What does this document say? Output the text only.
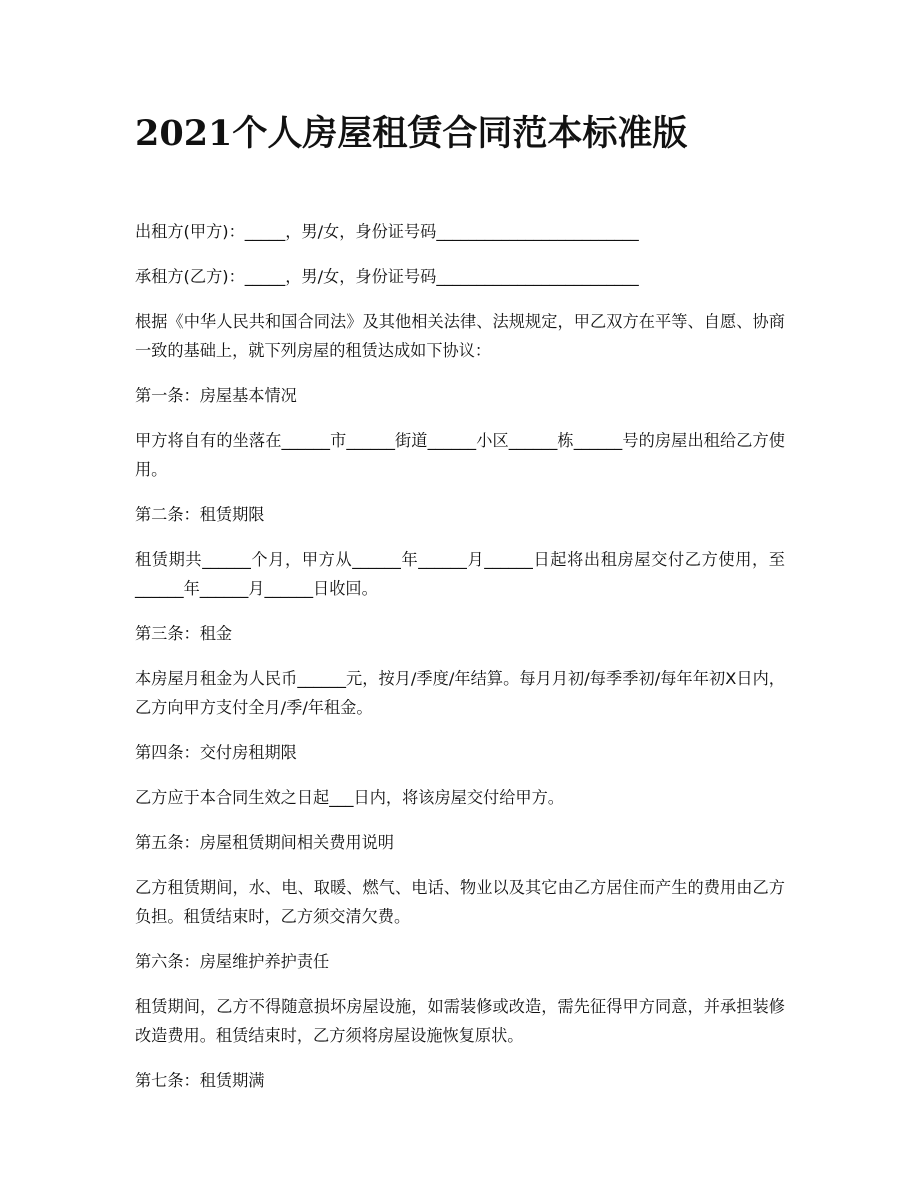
2021个人房屋租赁合同范本标准版

出租方(甲方)：_____，男/女，身份证号码_________________________

承租方(乙方)：_____，男/女，身份证号码_________________________

根据《中华人民共和国合同法》及其他相关法律、法规规定，甲乙双方在平等、自愿、协商一致的基础上，就下列房屋的租赁达成如下协议：

第一条：房屋基本情况

甲方将自有的坐落在______市______街道______小区______栋______号的房屋出租给乙方使用。

第二条：租赁期限

租赁期共______个月，甲方从______年______月______日起将出租房屋交付乙方使用，至______年______月______日收回。

第三条：租金

本房屋月租金为人民币______元，按月/季度/年结算。每月月初/每季季初/每年年初X日内，乙方向甲方支付全月/季/年租金。

第四条：交付房租期限

乙方应于本合同生效之日起___日内，将该房屋交付给甲方。

第五条：房屋租赁期间相关费用说明

乙方租赁期间，水、电、取暖、燃气、电话、物业以及其它由乙方居住而产生的费用由乙方负担。租赁结束时，乙方须交清欠费。

第六条：房屋维护养护责任

租赁期间，乙方不得随意损坏房屋设施，如需装修或改造，需先征得甲方同意，并承担装修改造费用。租赁结束时，乙方须将房屋设施恢复原状。

第七条：租赁期满
